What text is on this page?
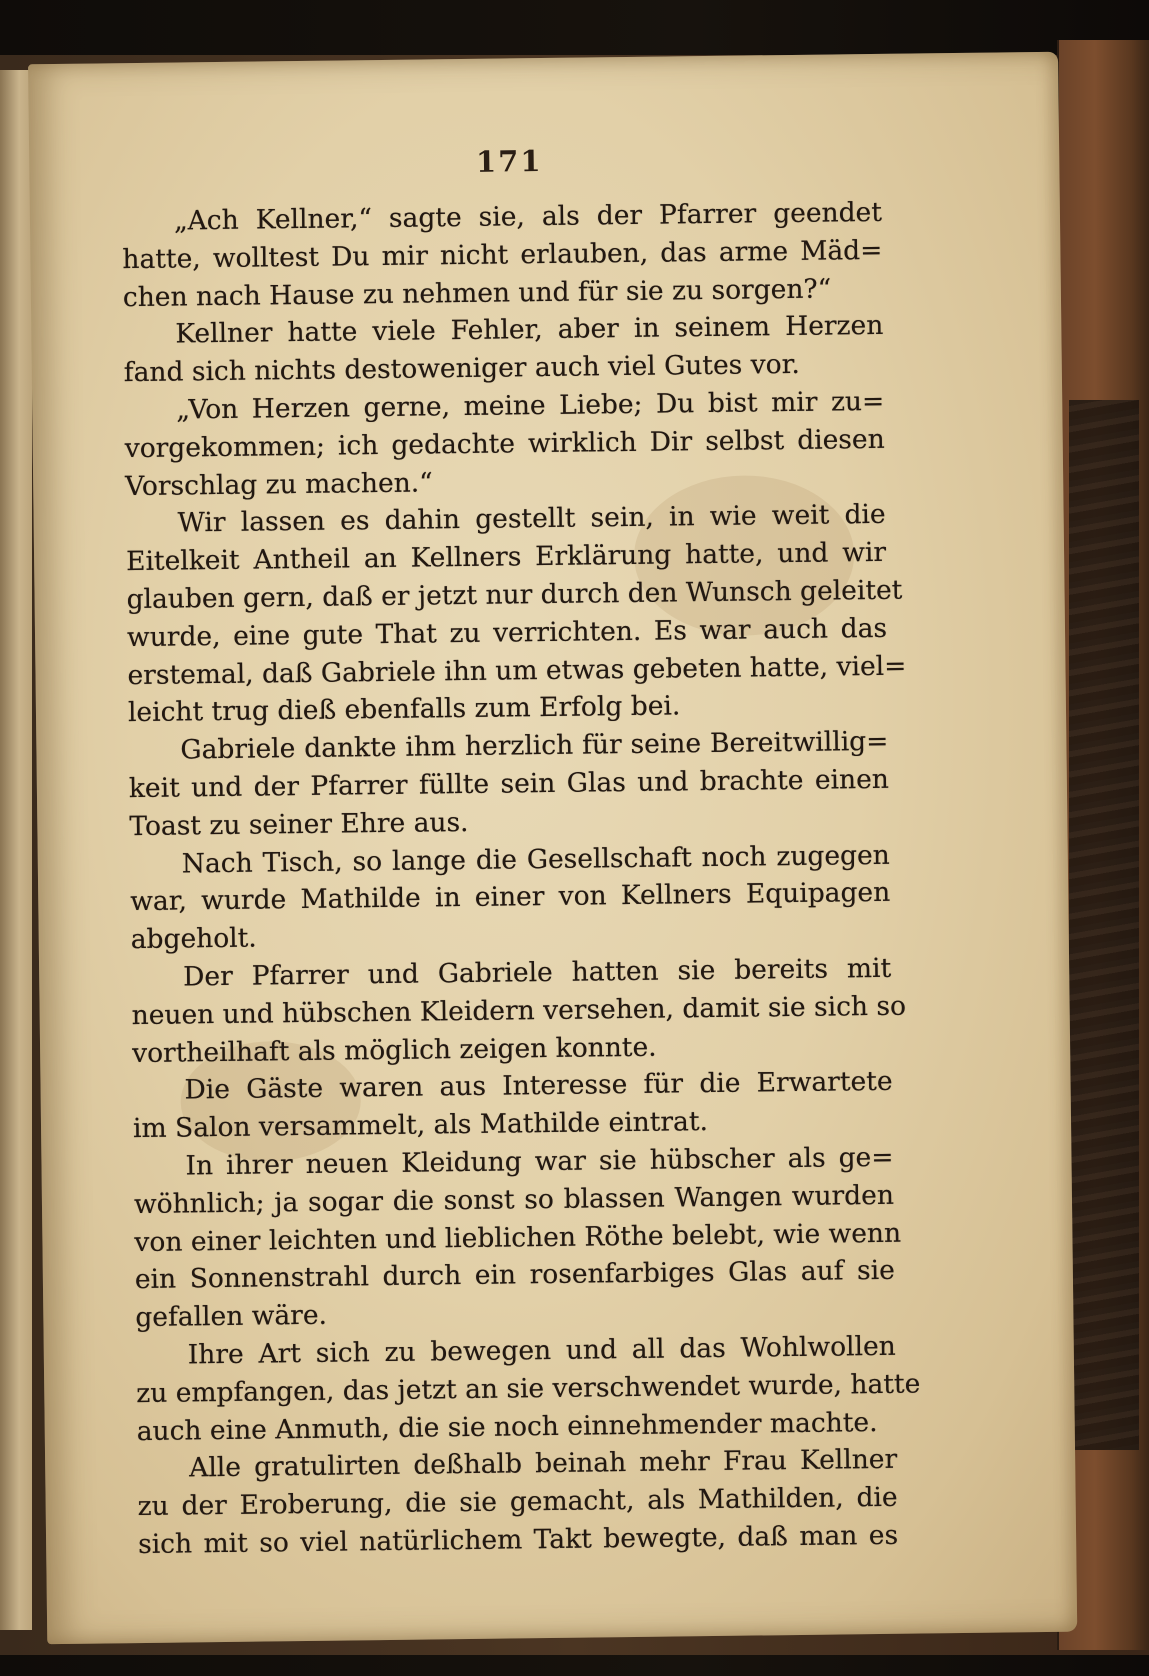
171
„Ach Kellner,“ sagte sie, als der Pfarrer geendet
hatte, wolltest Du mir nicht erlauben, das arme Mäd=
chen nach Hause zu nehmen und für sie zu sorgen?“
Kellner hatte viele Fehler, aber in seinem Herzen
fand sich nichts destoweniger auch viel Gutes vor.
„Von Herzen gerne, meine Liebe; Du bist mir zu=
vorgekommen; ich gedachte wirklich Dir selbst diesen
Vorschlag zu machen.“
Wir lassen es dahin gestellt sein, in wie weit die
Eitelkeit Antheil an Kellners Erklärung hatte, und wir
glauben gern, daß er jetzt nur durch den Wunsch geleitet
wurde, eine gute That zu verrichten. Es war auch das
erstemal, daß Gabriele ihn um etwas gebeten hatte, viel=
leicht trug dieß ebenfalls zum Erfolg bei.
Gabriele dankte ihm herzlich für seine Bereitwillig=
keit und der Pfarrer füllte sein Glas und brachte einen
Toast zu seiner Ehre aus.
Nach Tisch, so lange die Gesellschaft noch zugegen
war, wurde Mathilde in einer von Kellners Equipagen
abgeholt.
Der Pfarrer und Gabriele hatten sie bereits mit
neuen und hübschen Kleidern versehen, damit sie sich so
vortheilhaft als möglich zeigen konnte.
Die Gäste waren aus Interesse für die Erwartete
im Salon versammelt, als Mathilde eintrat.
In ihrer neuen Kleidung war sie hübscher als ge=
wöhnlich; ja sogar die sonst so blassen Wangen wurden
von einer leichten und lieblichen Röthe belebt, wie wenn
ein Sonnenstrahl durch ein rosenfarbiges Glas auf sie
gefallen wäre.
Ihre Art sich zu bewegen und all das Wohlwollen
zu empfangen, das jetzt an sie verschwendet wurde, hatte
auch eine Anmuth, die sie noch einnehmender machte.
Alle gratulirten deßhalb beinah mehr Frau Kellner
zu der Eroberung, die sie gemacht, als Mathilden, die
sich mit so viel natürlichem Takt bewegte, daß man es
